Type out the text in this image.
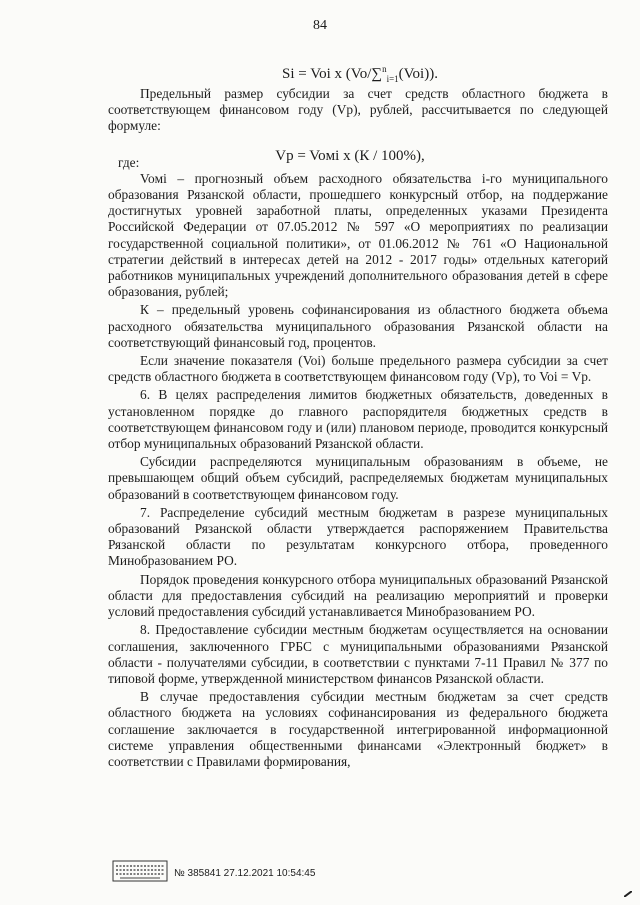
84
Si = Voi x (Vo/∑$^n_{i=1}$(Voi)).

Предельный размер субсидии за счет средств областного бюджета в соответствующем финансовом году (Vp), рублей, рассчитывается по следующей формуле:

где:

Voмi – прогнозный объем расходного обязательства i-го муниципального образования Рязанской области, прошедшего конкурсный отбор, на поддержание достигнутых уровней заработной платы, определенных указами Президента Российской Федерации от 07.05.2012 № 597 «О мероприятиях по реализации государственной социальной политики», от 01.06.2012 № 761 «О Национальной стратегии действий в интересах детей на 2012 - 2017 годы» отдельных категорий работников муниципальных учреждений дополнительного образования детей в сфере образования, рублей;

К – предельный уровень софинансирования из областного бюджета объема расходного обязательства муниципального образования Рязанской области на соответствующий финансовый год, процентов.

Если значение показателя (Voi) больше предельного размера субсидии за счет средств областного бюджета в соответствующем финансовом году (Vp), то Voi = Vp.

6. В целях распределения лимитов бюджетных обязательств, доведенных в установленном порядке до главного распорядителя бюджетных средств в соответствующем финансовом году и (или) плановом периоде, проводится конкурсный отбор муниципальных образований Рязанской области.

Субсидии распределяются муниципальным образованиям в объеме, не превышающем общий объем субсидий, распределяемых бюджетам муниципальных образований в соответствующем финансовом году.

7. Распределение субсидий местным бюджетам в разрезе муниципальных образований Рязанской области утверждается распоряжением Правительства Рязанской области по результатам конкурсного отбора, проведенного Минобразованием РО.

Порядок проведения конкурсного отбора муниципальных образований Рязанской области для предоставления субсидий на реализацию мероприятий и проверки условий предоставления субсидий устанавливается Минобразованием РО.

8. Предоставление субсидии местным бюджетам осуществляется на основании соглашения, заключенного ГРБС с муниципальными образованиями Рязанской области - получателями субсидии, в соответствии с пунктами 7-11 Правил № 377 по типовой форме, утвержденной министерством финансов Рязанской области.

В случае предоставления субсидии местным бюджетам за счет средств областного бюджета на условиях софинансирования из федерального бюджета соглашение заключается в государственной интегрированной информационной системе управления общественными финансами «Электронный бюджет» в соответствии с Правилами формирования,

Vp = Voмi x (К / 100%),
№ 385841 27.12.2021 10:54:45
